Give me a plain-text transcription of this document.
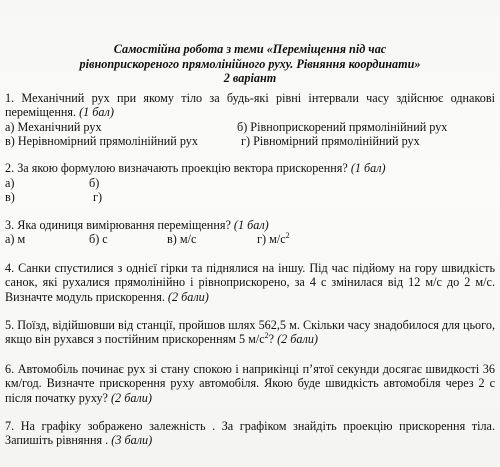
Самостійна робота з теми «Переміщення під час
рівноприскореного прямолінійного руху. Рівняння координати»
2 варіант
1. Механічний рух при якому тіло за будь-які рівні інтервали часу здійснює однакові переміщення. (1 бал)
а) Механічний рух	б) Рівноприскорений прямолінійний рух
в) Нерівномірний прямолінійний рух	г) Рівномірний прямолінійний рух
2. За якою формулою визначають проекцію вектора прискорення? (1 бал)
а)	б)
в)	г)
3. Яка одиниця вимірювання переміщення? (1 бал)
а) м	б) с	в) м/с	г) $м/с^2$
4. Санки спустилися з однієї гірки та піднялися на іншу. Під час підйому на гору швидкість санок, які рухалися прямолінійно і рівноприскорено, за 4 с змінилася від 12 м/с до 2 м/с. Визначте модуль прискорення. (2 бали)
5. Поїзд, відійшовши від станції, пройшов шлях 562,5 м. Скільки часу знадобилося для цього, якщо він рухався з постійним прискоренням 5 $м/с^2$? (2 бали)
6. Автомобіль починає рух зі стану спокою і наприкінці п’ятої секунди досягає швидкості 36 км/год. Визначте прискорення руху автомобіля. Якою буде швидкість автомобіля через 2 с після початку руху? (2 бали)
7. На графіку зображено залежність . За графіком знайдіть проекцію прискорення тіла. Запишіть рівняння . (3 бали)
